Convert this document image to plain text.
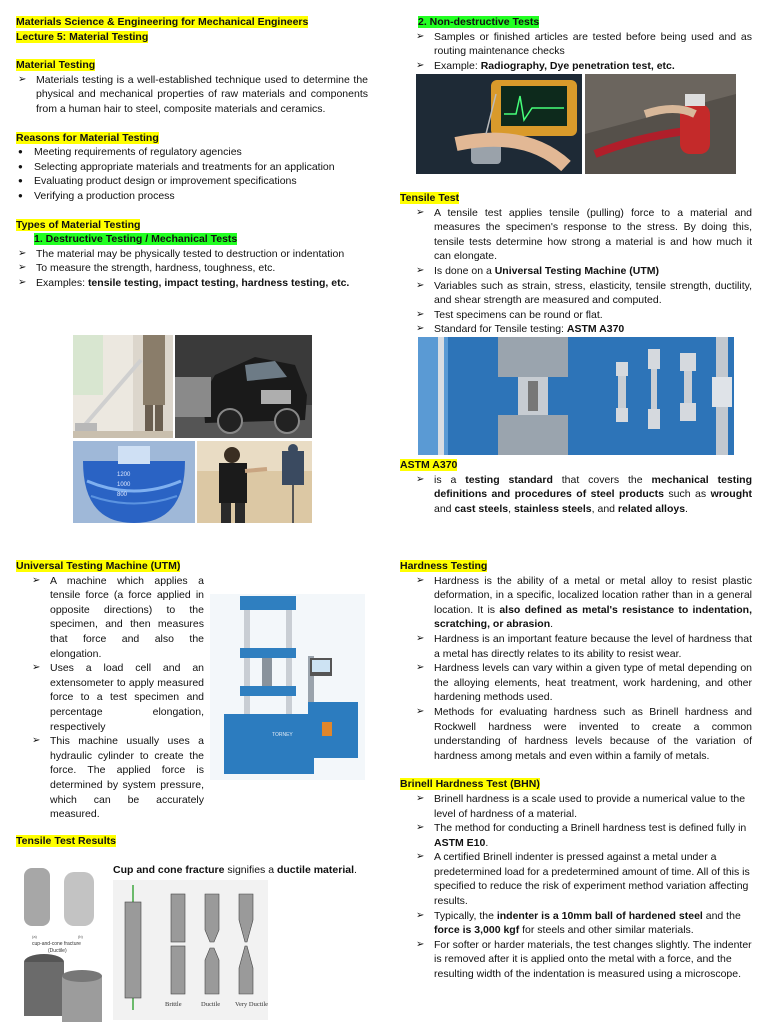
Materials Science & Engineering for Mechanical Engineers
Lecture 5: Material Testing
Material Testing
➢ Materials testing is a well-established technique used to determine the physical and mechanical properties of raw materials and components from a human hair to steel, composite materials and ceramics.
Reasons for Material Testing
● Meeting requirements of regulatory agencies
● Selecting appropriate materials and treatments for an application
● Evaluating product design or improvement specifications
● Verifying a production process
Types of Material Testing

1. Destructive Testing / Mechanical Tests
➢ The material may be physically tested to destruction or indentation
➢ To measure the strength, hardness, toughness, etc.
➢ Examples: tensile testing, impact testing, hardness testing, etc.
1200
1000
800
2. Non-destructive Tests
➢ Samples or finished articles are tested before being used and as routing maintenance checks
➢ Example: Radiography, Dye penetration test, etc.
Tensile Test
➢ A tensile test applies tensile (pulling) force to a material and measures the specimen's response to the stress. By doing this, tensile tests determine how strong a material is and how much it can elongate.
➢ Is done on a Universal Testing Machine (UTM)
➢ Variables such as strain, stress, elasticity, tensile strength, ductility, and shear strength are measured and computed.
➢ Test specimens can be round or flat.
➢ Standard for Tensile testing: ASTM A370
ASTM A370
➢ is a testing standard that covers the mechanical testing definitions and procedures of steel products such as wrought and cast steels, stainless steels, and related alloys.
Universal Testing Machine (UTM)
➢ A machine which applies a tensile force (a force applied in opposite directions) to the specimen, and then measures that force and also the elongation.
➢ Uses a load cell and an extensometer to apply measured force to a test specimen and percentage elongation, respectively
➢ This machine usually uses a hydraulic cylinder to create the force. The applied force is determined by system pressure, which can be accurately measured.
TORNEY
Tensile Test Results
Cup and cone fracture signifies a ductile material.
(a)	(b)
cup-and-cone fracture
(Ductile)
Brittle	Ductile Very Ductile
Hardness Testing
➢ Hardness is the ability of a metal or metal alloy to resist plastic deformation, in a specific, localized location rather than in a general location. It is also defined as metal's resistance to indentation, scratching, or abrasion.
➢ Hardness is an important feature because the level of hardness that a metal has directly relates to its ability to resist wear.
➢ Hardness levels can vary within a given type of metal depending on the alloying elements, heat treatment, work hardening, and other hardening methods used.
➢ Methods for evaluating hardness such as Brinell hardness and Rockwell hardness were invented to create a common understanding of hardness levels because of the variation of hardness among metals and even within a family of metals.
Brinell Hardness Test (BHN)
➢ Brinell hardness is a scale used to provide a numerical value to the level of hardness of a material.
➢ The method for conducting a Brinell hardness test is defined fully in ASTM E10.
➢ A certified Brinell indenter is pressed against a metal under a predetermined load for a predetermined amount of time. All of this is specified to reduce the risk of experiment method variation affecting results.
➢ Typically, the indenter is a 10mm ball of hardened steel and the force is 3,000 kgf for steels and other similar materials.
➢ For softer or harder materials, the test changes slightly. The indenter is removed after it is applied onto the metal with a force, and the resulting width of the indentation is measured using a microscope.
